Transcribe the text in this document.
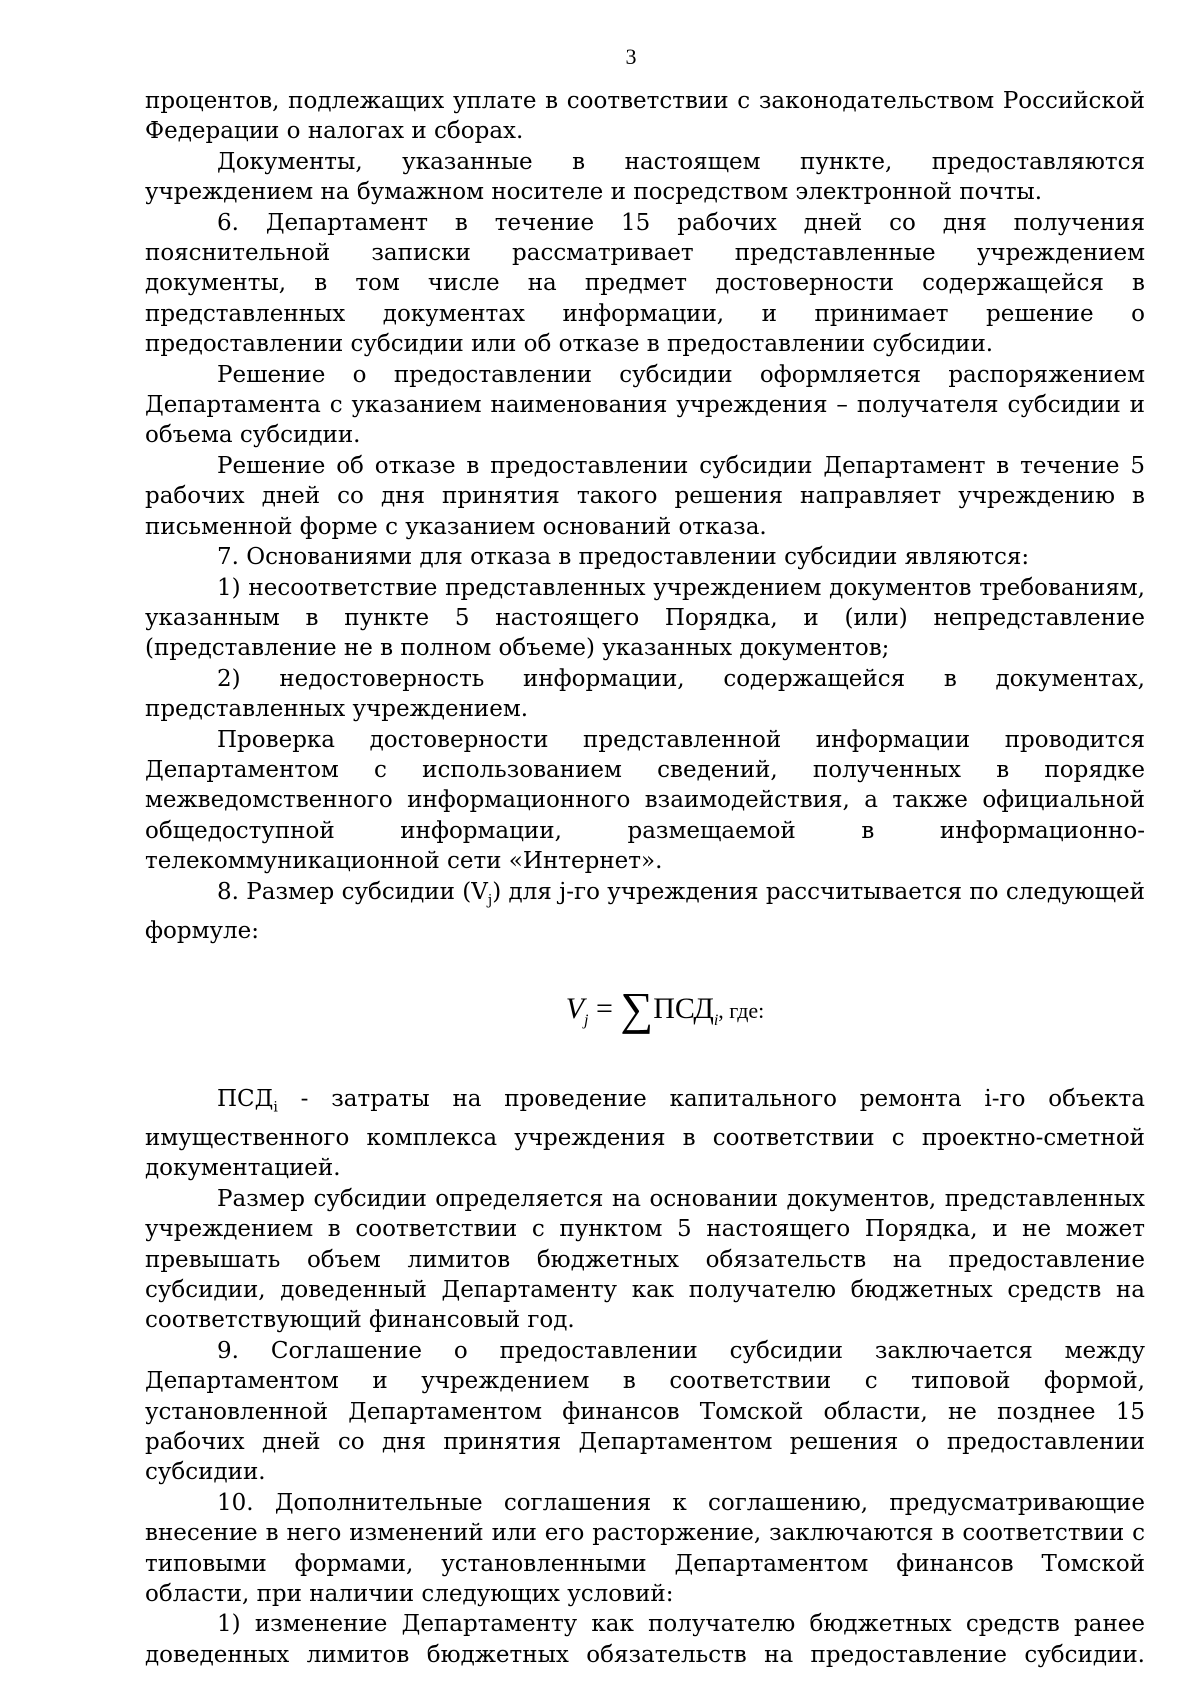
3

процентов, подлежащих уплате в соответствии с законодательством Российской Федерации о налогах и сборах.

Документы, указанные в настоящем пункте, предоставляются учреждением на бумажном носителе и посредством электронной почты.

6. Департамент в течение 15 рабочих дней со дня получения пояснительной записки рассматривает представленные учреждением документы, в том числе на предмет достоверности содержащейся в представленных документах информации, и принимает решение о предоставлении субсидии или об отказе в предоставлении субсидии.

Решение о предоставлении субсидии оформляется распоряжением Департамента с указанием наименования учреждения – получателя субсидии и объема субсидии.

Решение об отказе в предоставлении субсидии Департамент в течение 5 рабочих дней со дня принятия такого решения направляет учреждению в письменной форме с указанием оснований отказа.

7. Основаниями для отказа в предоставлении субсидии являются:

1) несоответствие представленных учреждением документов требованиям, указанным в пункте 5 настоящего Порядка, и (или) непредставление (представление не в полном объеме) указанных документов;

2) недостоверность информации, содержащейся в документах, представленных учреждением.

Проверка достоверности представленной информации проводится Департаментом с использованием сведений, полученных в порядке межведомственного информационного взаимодействия, а также официальной общедоступной информации, размещаемой в информационно-телекоммуникационной сети «Интернет».

8. Размер субсидии $(V_j)$ для j-го учреждения рассчитывается по следующей формуле:

$V_j = \sum ПСД_i$, где:

$ПСД_i$ - затраты на проведение капитального ремонта i-го объекта имущественного комплекса учреждения в соответствии с проектно-сметной документацией.

Размер субсидии определяется на основании документов, представленных учреждением в соответствии с пунктом 5 настоящего Порядка, и не может превышать объем лимитов бюджетных обязательств на предоставление субсидии, доведенный Департаменту как получателю бюджетных средств на соответствующий финансовый год.

9. Соглашение о предоставлении субсидии заключается между Департаментом и учреждением в соответствии с типовой формой, установленной Департаментом финансов Томской области, не позднее 15 рабочих дней со дня принятия Департаментом решения о предоставлении субсидии.

10. Дополнительные соглашения к соглашению, предусматривающие внесение в него изменений или его расторжение, заключаются в соответствии с типовыми формами, установленными Департаментом финансов Томской области, при наличии следующих условий:

1) изменение Департаменту как получателю бюджетных средств ранее доведенных лимитов бюджетных обязательств на предоставление субсидии.
